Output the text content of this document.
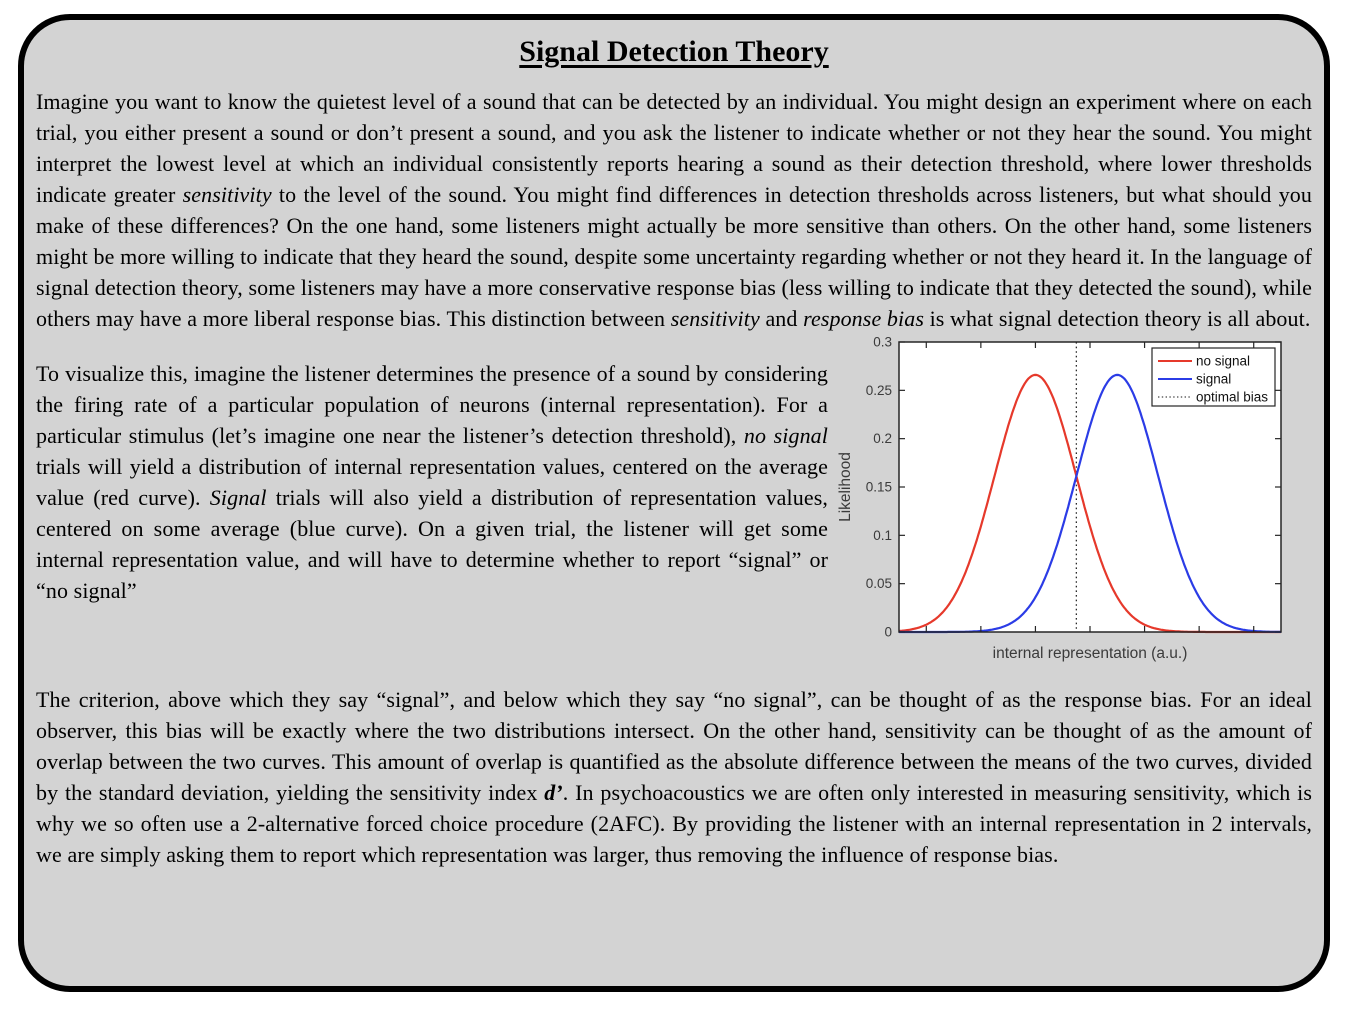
Signal Detection Theory

Imagine you want to know the quietest level of a sound that can be detected by an individual. You might design an experiment where on each trial, you either present a sound or don’t present a sound, and you ask the listener to indicate whether or not they hear the sound. You might interpret the lowest level at which an individual consistently reports hearing a sound as their detection threshold, where lower thresholds indicate greater sensitivity to the level of the sound. You might find differences in detection thresholds across listeners, but what should you make of these differences? On the one hand, some listeners might actually be more sensitive than others. On the other hand, some listeners might be more willing to indicate that they heard the sound, despite some uncertainty regarding whether or not they heard it. In the language of signal detection theory, some listeners may have a more conservative response bias (less willing to indicate that they detected the sound), while others may have a more liberal response bias. This distinction between sensitivity and response bias is what signal detection theory is all about.

To visualize this, imagine the listener determines the presence of a sound by considering the firing rate of a particular population of neurons (internal representation). For a particular stimulus (let’s imagine one near the listener’s detection threshold), no signal trials will yield a distribution of internal representation values, centered on the average value (red curve). Signal trials will also yield a distribution of representation values, centered on some average (blue curve). On a given trial, the listener will get some internal representation value, and will have to determine whether to report “signal” or “no signal”

0
0.05
0.1
0.15
0.2
0.25
0.3
internal representation (a.u.)
Likelihood
no signal
signal
optimal bias

The criterion, above which they say “signal”, and below which they say “no signal”, can be thought of as the response bias. For an ideal observer, this bias will be exactly where the two distributions intersect. On the other hand, sensitivity can be thought of as the amount of overlap between the two curves. This amount of overlap is quantified as the absolute difference between the means of the two curves, divided by the standard deviation, yielding the sensitivity index d’. In psychoacoustics we are often only interested in measuring sensitivity, which is why we so often use a 2-alternative forced choice procedure (2AFC). By providing the listener with an internal representation in 2 intervals, we are simply asking them to report which representation was larger, thus removing the influence of response bias.
